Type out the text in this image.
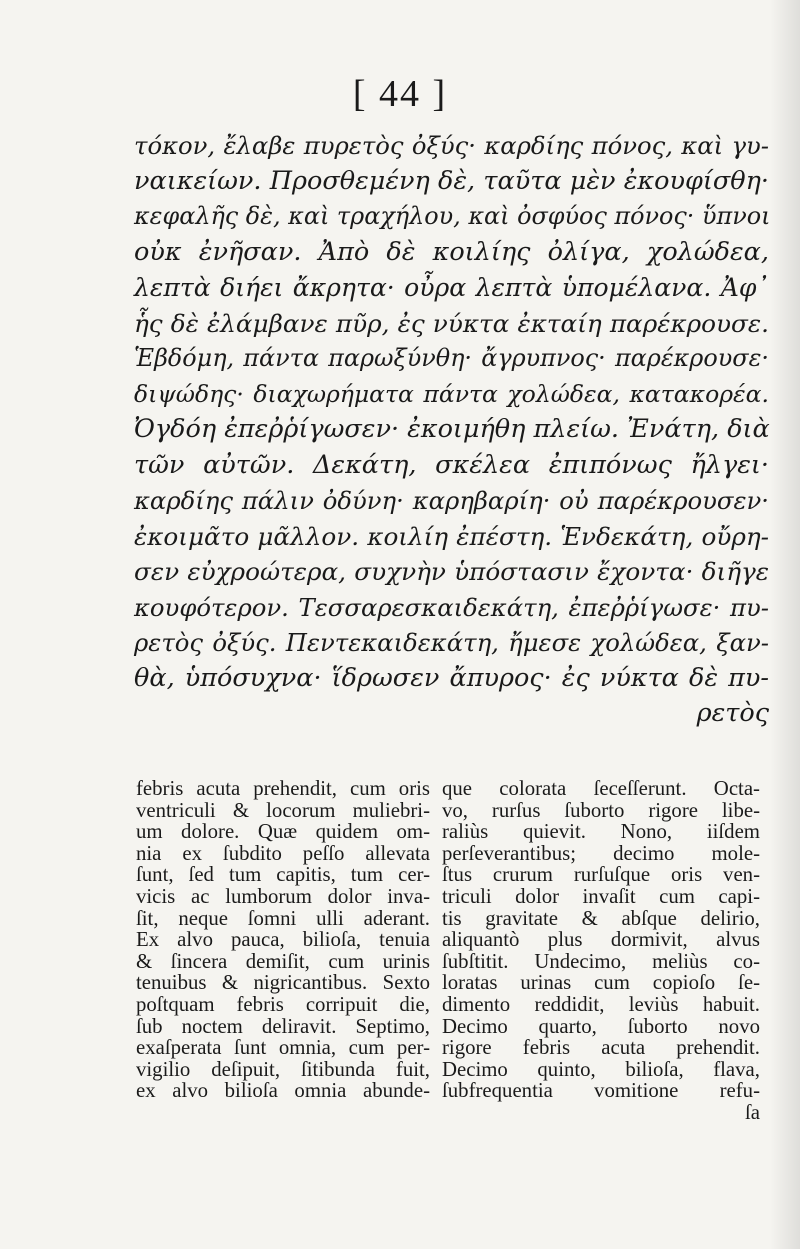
[ 44 ]
τόκον, ἔλαβε πυρετὸς ὀξύς· καρδίης πόνος, καὶ γυ-
ναικείων. Προσθεμένη δὲ, ταῦτα μὲν ἐκουφίσθη·
κεφαλῆς δὲ, καὶ τραχήλου, καὶ ὀσφύος πόνος· ὕπνοι
οὐκ ἐνῆσαν. Ἀπὸ δὲ κοιλίης ὀλίγα, χολώδεα,
λεπτὰ διήει ἄκρητα· οὖρα λεπτὰ ὑπομέλανα. Ἀφ᾽
ἧς δὲ ἐλάμβανε πῦρ, ἐς νύκτα ἐκταίη παρέκρουσε.
Ἑβδόμη, πάντα παρωξύνθη· ἄγρυπνος· παρέκρουσε·
διψώδης· διαχωρήματα πάντα χολώδεα, κατακορέα.
Ὀγδόη ἐπεῤῥίγωσεν· ἐκοιμήθη πλείω. Ἐνάτη, διὰ
τῶν αὐτῶν. Δεκάτη, σκέλεα ἐπιπόνως ἤλγει·
καρδίης πάλιν ὀδύνη· καρηβαρίη· οὐ παρέκρουσεν·
ἐκοιμᾶτο μᾶλλον. κοιλίη ἐπέστη. Ἑνδεκάτη, οὔρη-
σεν εὐχροώτερα, συχνὴν ὑπόστασιν ἔχοντα· διῆγε
κουφότερον. Τεσσαρεσκαιδεκάτη, ἐπεῤῥίγωσε· πυ-
ρετὸς ὀξύς. Πεντεκαιδεκάτη, ἤμεσε χολώδεα, ξαν-
θὰ, ὑπόσυχνα· ἵδρωσεν ἄπυρος· ἐς νύκτα δὲ πυ-
ρετὸς
febris acuta prehendit, cum oris
ventriculi & locorum muliebri-
um dolore. Quæ quidem om-
nia ex ſubdito peſſo allevata
ſunt, ſed tum capitis, tum cer-
vicis ac lumborum dolor inva-
ſit, neque ſomni ulli aderant.
Ex alvo pauca, bilioſa, tenuia
& ſincera demiſit, cum urinis
tenuibus & nigricantibus. Sexto
poſtquam febris corripuit die,
ſub noctem deliravit. Septimo,
exaſperata ſunt omnia, cum per-
vigilio deſipuit, ſitibunda fuit,
ex alvo bilioſa omnia abunde-
que colorata ſeceſſerunt. Octa-
vo, rurſus ſuborto rigore libe-
raliùs quievit. Nono, iiſdem
perſeverantibus; decimo mole-
ſtus crurum rurſuſque oris ven-
triculi dolor invaſit cum capi-
tis gravitate & abſque delirio,
aliquantò plus dormivit, alvus
ſubſtitit. Undecimo, meliùs co-
loratas urinas cum copioſo ſe-
dimento reddidit, leviùs habuit.
Decimo quarto, ſuborto novo
rigore febris acuta prehendit.
Decimo quinto, bilioſa, flava,
ſubfrequentia vomitione refu-
ſa
